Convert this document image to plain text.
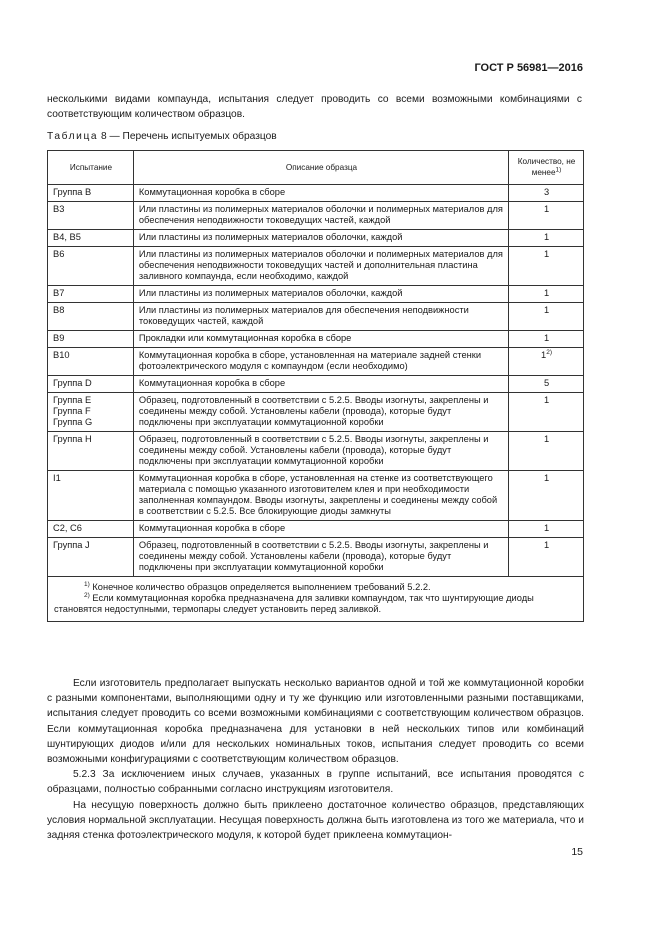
ГОСТ Р 56981—2016
несколькими видами компаунда, испытания следует проводить со всеми возможными комбинациями с соответствующим количеством образцов.
Таблица 8 — Перечень испытуемых образцов
Испытание	Описание образца	Количество, не менее$^{1)}$
Группа B	Коммутационная коробка в сборе	3
B3	Или пластины из полимерных материалов оболочки и полимерных материалов для обеспечения неподвижности токоведущих частей, каждой	1
B4, B5	Или пластины из полимерных материалов оболочки, каждой	1
B6	Или пластины из полимерных материалов оболочки и полимерных материалов для обеспечения неподвижности токоведущих частей и дополнительная пластина заливного компаунда, если необходимо, каждой	1
B7	Или пластины из полимерных материалов оболочки, каждой	1
B8	Или пластины из полимерных материалов для обеспечения неподвижности токоведущих частей, каждой	1
B9	Прокладки или коммутационная коробка в сборе	1
B10	Коммутационная коробка в сборе, установленная на материале задней стенки фотоэлектрического модуля с компаундом (если необходимо)	1$^{2)}$
Группа D	Коммутационная коробка в сборе	5
Группа E
Группа F
Группа G	Образец, подготовленный в соответствии с 5.2.5. Вводы изогнуты, закреплены и соединены между собой. Установлены кабели (провода), которые будут подключены при эксплуатации коммутационной коробки	1
Группа H	Образец, подготовленный в соответствии с 5.2.5. Вводы изогнуты, закреплены и соединены между собой. Установлены кабели (провода), которые будут подключены при эксплуатации коммутационной коробки	1
I1	Коммутационная коробка в сборе, установленная на стенке из соответствующего материала с помощью указанного изготовителем клея и при необходимости заполненная компаундом. Вводы изогнуты, закреплены и соединены между собой в соответствии с 5.2.5. Все блокирующие диоды замкнуты	1
C2, C6	Коммутационная коробка в сборе	1
Группа J	Образец, подготовленный в соответствии с 5.2.5. Вводы изогнуты, закреплены и соединены между собой. Установлены кабели (провода), которые будут подключены при эксплуатации коммутационной коробки	1

$^{1)}$ Конечное количество образцов определяется выполнением требований 5.2.2.
$^{2)}$ Если коммутационная коробка предназначена для заливки компаундом, так что шунтирующие диоды становятся недоступными, термопары следует установить перед заливкой.		

Если изготовитель предполагает выпускать несколько вариантов одной и той же коммутационной коробки с разными компонентами, выполняющими одну и ту же функцию или изготовленными разными поставщиками, испытания следует проводить со всеми возможными комбинациями с соответствующим количеством образцов. Если коммутационная коробка предназначена для установки в ней нескольких типов или комбинаций шунтирующих диодов и/или для нескольких номинальных токов, испытания следует проводить со всеми возможными конфигурациями с соответствующим количеством образцов.

5.2.3 За исключением иных случаев, указанных в группе испытаний, все испытания проводятся с образцами, полностью собранными согласно инструкциям изготовителя.

На несущую поверхность должно быть приклеено достаточное количество образцов, представляющих условия нормальной эксплуатации. Несущая поверхность должна быть изготовлена из того же материала, что и задняя стенка фотоэлектрического модуля, к которой будет приклеена коммутацион-

15
